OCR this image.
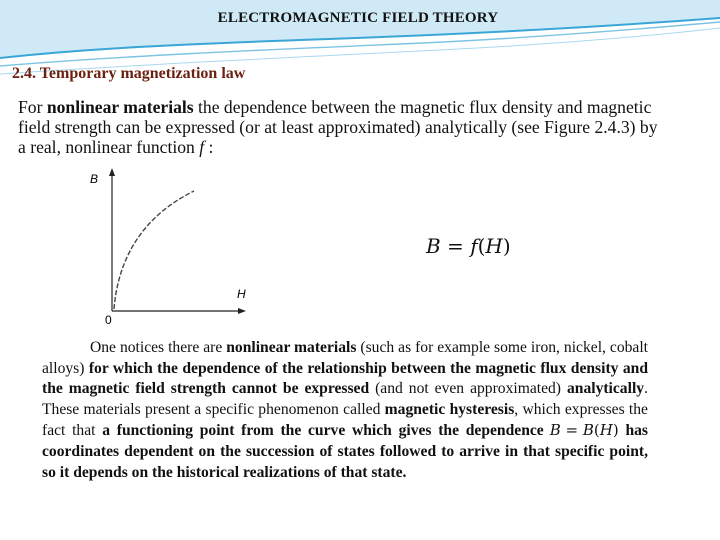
ELECTROMAGNETIC FIELD THEORY
2.4. Temporary magnetization law
For nonlinear materials the dependence between the magnetic flux density and magnetic field strength can be expressed (or at least approximated) analytically (see Figure 2.4.3) by a real, nonlinear function f :
B
H
0
B = f(H)
One notices there are nonlinear materials (such as for example some iron, nickel, cobalt alloys) for which the dependence of the relationship between the magnetic flux density and the magnetic field strength cannot be expressed (and not even approximated) analytically. These materials present a specific phenomenon called magnetic hysteresis, which expresses the fact that a functioning point from the curve which gives the dependence B = B(H) has coordinates dependent on the succession of states followed to arrive in that specific point, so it depends on the historical realizations of that state.
